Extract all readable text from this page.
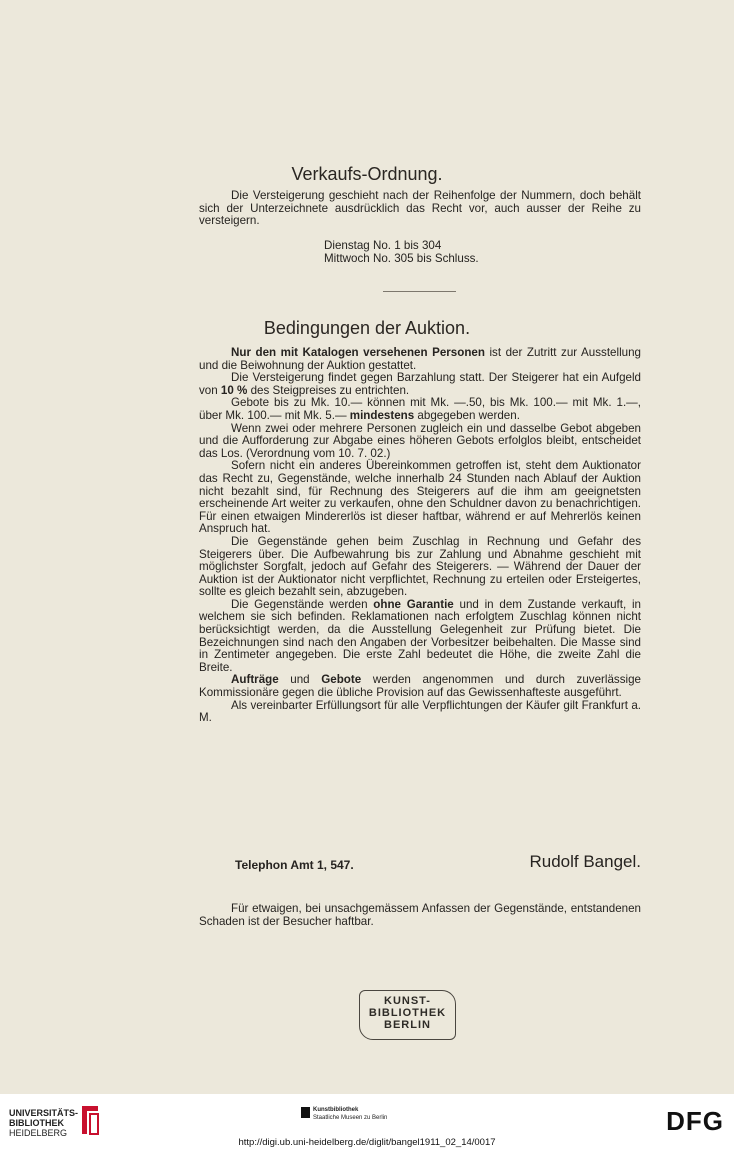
Verkaufs-Ordnung.

Die Versteigerung geschieht nach der Reihenfolge der Nummern, doch behält sich der Unterzeichnete ausdrücklich das Recht vor, auch ausser der Reihe zu versteigern.

Dienstag No. 1 bis 304
Mittwoch No. 305 bis Schluss.
Bedingungen der Auktion.

Nur den mit Katalogen versehenen Personen ist der Zutritt zur Ausstellung und die Beiwohnung der Auktion gestattet.

Die Versteigerung findet gegen Barzahlung statt. Der Steigerer hat ein Aufgeld von 10 % des Steigpreises zu entrichten.

Gebote bis zu Mk. 10.— können mit Mk. —.50, bis Mk. 100.— mit Mk. 1.—, über Mk. 100.— mit Mk. 5.— mindestens abgegeben werden.

Wenn zwei oder mehrere Personen zugleich ein und dasselbe Gebot abgeben und die Aufforderung zur Abgabe eines höheren Gebots erfolglos bleibt, entscheidet das Los. (Verordnung vom 10. 7. 02.)

Sofern nicht ein anderes Übereinkommen getroffen ist, steht dem Auktionator das Recht zu, Gegenstände, welche innerhalb 24 Stunden nach Ablauf der Auktion nicht bezahlt sind, für Rechnung des Steigerers auf die ihm am geeignetsten erscheinende Art weiter zu verkaufen, ohne den Schuldner davon zu benachrichtigen. Für einen etwaigen Mindererlös ist dieser haftbar, während er auf Mehrerlös keinen Anspruch hat.

Die Gegenstände gehen beim Zuschlag in Rechnung und Gefahr des Steigerers über. Die Aufbewahrung bis zur Zahlung und Abnahme geschieht mit möglichster Sorgfalt, jedoch auf Gefahr des Steigerers. — Während der Dauer der Auktion ist der Auktionator nicht verpflichtet, Rechnung zu erteilen oder Ersteigertes, sollte es gleich bezahlt sein, abzugeben.

Die Gegenstände werden ohne Garantie und in dem Zustande verkauft, in welchem sie sich befinden. Reklamationen nach erfolgtem Zuschlag können nicht berücksichtigt werden, da die Ausstellung Gelegenheit zur Prüfung bietet. Die Bezeichnungen sind nach den Angaben der Vorbesitzer beibehalten. Die Masse sind in Zentimeter angegeben. Die erste Zahl bedeutet die Höhe, die zweite Zahl die Breite.

Aufträge und Gebote werden angenommen und durch zuverlässige Kommissionäre gegen die übliche Provision auf das Gewissenhafteste ausgeführt.

Als vereinbarter Erfüllungsort für alle Verpflichtungen der Käufer gilt Frankfurt a. M.

Telephon Amt 1, 547.	Rudolf Bangel.

Für etwaigen, bei unsachgemässem Anfassen der Gegenstände, entstandenen Schaden ist der Besucher haftbar.

KUNST-
BIBLIOTHEK
BERLIN
UNIVERSITÄTS-
BIBLIOTHEK
HEIDELBERG
Kunstbibliothek
Staatliche Museen zu Berlin	DFG
http://digi.ub.uni-heidelberg.de/diglit/bangel1911_02_14/0017
